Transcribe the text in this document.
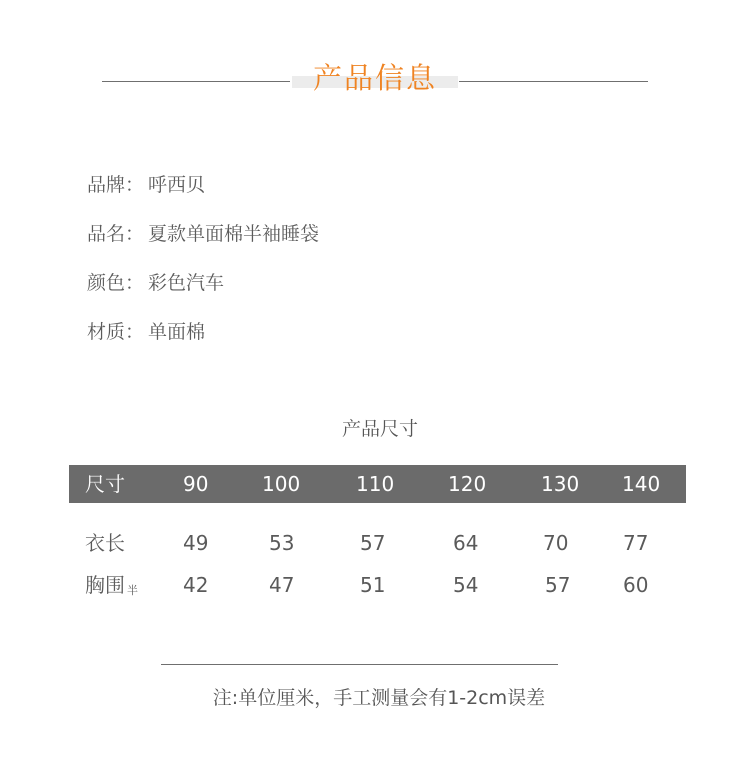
产品信息
品牌： 呼西贝
品名： 夏款单面棉半袖睡袋
颜色： 彩色汽车
材质： 单面棉
产品尺寸
尺寸	90	100	110	120	130 140
衣长	49	53	57	64	70	77
胸围 半 42	47	51	54	57	60
注:单位厘米，手工测量会有1-2cm误差
